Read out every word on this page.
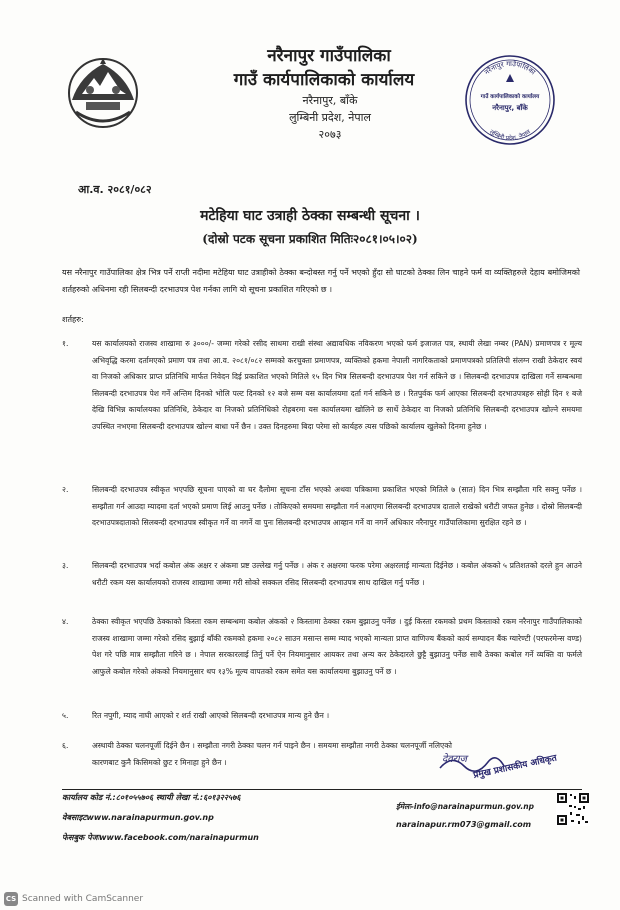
नरैनापुर गाउँपालिका
गाउँ कार्यपालिकाको कार्यालय
नरैनापुर, बाँके
लुम्बिनी प्रदेश, नेपाल
२०७३
नरैनापुर गाउँपालिका
लुम्बिनी प्रदेश, नेपाल
गाउँ कार्यपालिकाको कार्यालय
नरैनापुर, बाँके
आ.व. २०८१/०८२
मटेहिया घाट उत्राही ठेक्का सम्बन्धी सूचना ।
(दोस्रो पटक सूचना प्रकाशित मितिः२०८१।०५।०२)
यस नरैनापुर गाउँपालिका क्षेत्र भित्र पर्ने राप्ती नदीमा मटेहिया घाट उत्राहीको ठेक्का बन्दोबस्त गर्नु पर्ने भएको हुँदा सो घाटको ठेक्का लिन चाहने फर्म वा व्यक्तिहरुले देहाय बमोजिमको शर्तहरुको अधिनमा रही सिलबन्दी दरभाउपत्र पेश गर्नका लागि यो सूचना प्रकाशित गरिएको छ ।
शर्तहरु:
१.	यस कार्यालयको राजस्व शाखामा रु ३०००/- जम्मा गरेको रसीद साथमा राखी संस्था अद्यावधिक नविकरण भएको फर्म इजाजत पत्र, स्थायी लेखा नम्बर (PAN) प्रमाणपत्र र मूल्य अभिवृद्धि करमा दर्तामएको प्रमाण पत्र तथा आ.व. २०८१/०८२ सम्मको करचुक्ता प्रमाणपत्र, व्यक्तिको हकमा नेपाली नागरिकताको प्रमाणपत्रको प्रतिलिपी संलग्न राखी ठेकेदार स्वयं वा निजको अधिकार प्राप्त प्रतिनिधि मार्फत निवेदन दिई प्रकाशित भएको मितिले १५ दिन भित्र सिलबन्दी दरभाउपत्र पेश गर्न सकिने छ । सिलबन्दी दरभाउपत्र दाखिला गर्ने सम्बन्धमा सिलबन्दी दरभाउपत्र पेश गर्ने अन्तिम दिनको भोलि पल्ट दिनको १२ बजे सम्म यस कार्यालयमा दर्ता गर्न सकिने छ । रितपुर्वक फर्म आएका सिलबन्दी दरभाउपत्रहरु सोही दिन १ बजे देखि विभिन्न कार्यालयका प्रतिनिधि, ठेकेदार वा निजको प्रतिनिधिको रोहबरमा यस कार्यालयमा खोलिने छ सार्थे ठेकेदार वा निजको प्रतिनिधि सिलबन्दी दरभाउपत्र खोल्ने समयमा उपस्थित नभएमा सिलबन्दी दरभाउपत्र खोल्न बाधा पर्ने छैन । उक्त दिनहरुमा बिदा परेमा सो कार्यहरु त्यस पछिको कार्यालय खुलेको दिनमा हुनेछ ।
२.	सिलबन्दी दरभाउपत्र स्वीकृत भएपछि सूचना पाएको वा घर दैलोमा सूचना टाँस भएको अथवा पत्रिकामा प्रकाशित भएको मितिले ७ (सात) दिन भित्र सम्झौता गरि सक्नु पर्नेछ । सम्झौता गर्न आउदा म्यादमा दर्ता भएको प्रमाण लिई आउनु पर्नेछ । तोकिएको समयमा सम्झौता गर्न नआएमा सिलबन्दी दरभाउपत्र दाताले राखेको धरौटी जफत हुनेछ । दोस्रो सिलबन्दी दरभाउपत्रदाताको सिलबन्दी दरभाउपत्र स्वीकृत गर्ने वा नगर्ने वा पुनः सिलबन्दी दरभाउपत्र आव्हान गर्ने वा नगर्ने अधिकार नरैनापुर गाउँपालिकामा सुरक्षित रहने छ ।
३.	सिलबन्दी दरभाउपत्र भर्दा कबोल अंक अक्षर र अंकमा प्रष्ट उल्लेख गर्नु पर्नेछ । अंक र अक्षरमा फरक परेमा अक्षरलाई मान्यता दिईनेछ । कबोल अंकको ५ प्रतिशतको दरले हुन आउने धरौटी रकम यस कार्यालयको राजस्व शाखामा जम्मा गरी सोको सक्कल रसिद सिलबन्दी दरभाउपत्र साथ दाखिल गर्नु पर्नेछ ।
४.	ठेक्का स्वीकृत भएपछि ठेक्काको किस्ता रकम सम्बन्धमा कबोल अंकको २ किस्तामा ठेक्का रकम बुझाउनु पर्नेछ । दुई किस्ता रकमको प्रथम किस्ताको रकम नरैनापुर गाउँपालिकाको राजस्व शाखामा जम्मा गरेको रसिद बुझाई बाँकी रकमको हकमा २०८२ साउन मसान्त सम्म म्याद भएको मान्यता प्राप्त वाणिज्य बैंकको कार्य सम्पादन बैंक ग्यारेण्टी (परफरमेन्स वण्ड) पेश गरे पछि मात्र सम्झौता गरिने छ । नेपाल सरकारलाई तिर्नु पर्ने ऐन नियमानुसार आयकर तथा अन्य कर ठेकेदारले छुट्टै बुझाउनु पर्नेछ साथै ठेक्का कबोल गर्ने व्यक्ति वा फर्मले आफुले कबोल गरेको अंकको नियमानुसार थप १३% मूल्य वापतको रकम समेत यस कार्यालयमा बुझाउनु पर्ने छ ।
५.	रित नपुगी, म्याद नाघी आएको र शर्त राखी आएको सिलबन्दी दरभाउपत्र मान्य हुने छैन ।
६.	अस्थायी ठेक्का चलनपूर्जी दिईने छैन । सम्झौता नगरी ठेक्का चलन गर्न पाइने छैन । समयमा सम्झौता नगरी ठेक्का चलनपूर्जी नलिएको कारणबाट कुनै किसिमको छुट र मिनाहा हुने छैन ।	देवराज प्रमुख प्रशासकीय अधिकृत
कार्यालय कोड नं.:८०१०५५७०६ स्थायी लेखा नं.:६०१३२२५७६
वेबसाइटwww.narainapurmun.gov.np
फेसबुक पेजःwww.facebook.com/narainapurmun
ईमेलः-info@narainapurmun.gov.np
narainapur.rm073@gmail.com
CS Scanned with CamScanner
